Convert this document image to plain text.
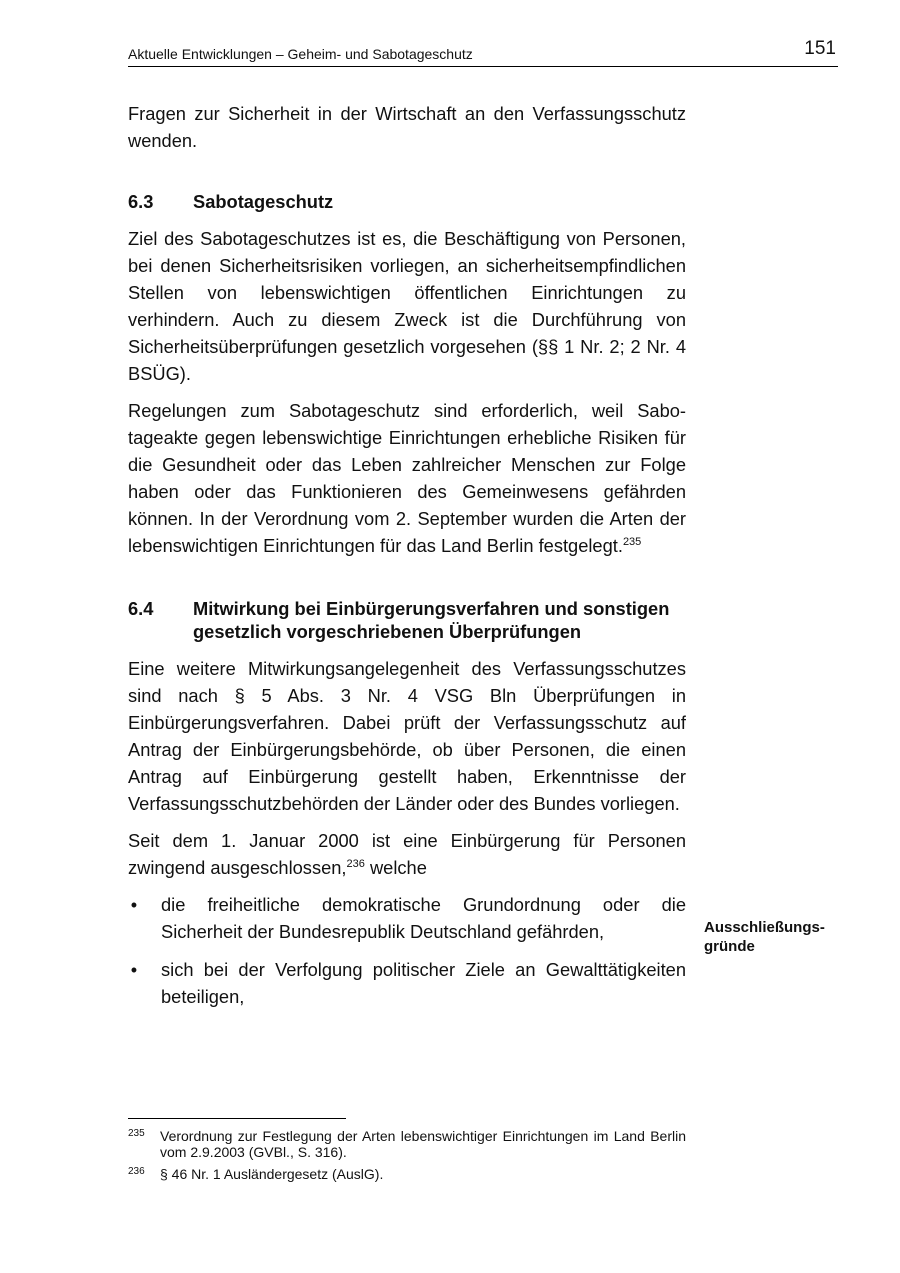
Aktuelle Entwicklungen – Geheim- und Sabotageschutz	151

Fragen zur Sicherheit in der Wirtschaft an den Verfassungsschutz wenden.

6.3	Sabotageschutz

Ziel des Sabotageschutzes ist es, die Beschäftigung von Personen, bei denen Sicherheitsrisiken vorliegen, an sicherheitsempfindlichen Stellen von lebenswichtigen öffentlichen Einrichtungen zu verhindern. Auch zu diesem Zweck ist die Durchführung von Sicherheitsüberprüfungen gesetzlich vorgesehen (§§ 1 Nr. 2; 2 Nr. 4 BSÜG).

Regelungen zum Sabotageschutz sind erforderlich, weil Sabotageakte gegen lebenswichtige Einrichtungen erhebliche Risiken für die Gesundheit oder das Leben zahlreicher Menschen zur Folge haben oder das Funktionieren des Gemeinwesens gefährden können. In der Verordnung vom 2. September wurden die Arten der lebenswichtigen Einrichtungen für das Land Berlin festgelegt.$^{235}$

6.4	Mitwirkung bei Einbürgerungsverfahren und sonstigen gesetzlich vorgeschriebenen Überprüfungen

Eine weitere Mitwirkungsangelegenheit des Verfassungsschutzes sind nach § 5 Abs. 3 Nr. 4 VSG Bln Überprüfungen in Einbürgerungsverfahren. Dabei prüft der Verfassungsschutz auf Antrag der Einbürgerungsbehörde, ob über Personen, die einen Antrag auf Einbürgerung gestellt haben, Erkenntnisse der Verfassungsschutzbehörden der Länder oder des Bundes vorliegen.

Seit dem 1. Januar 2000 ist eine Einbürgerung für Personen zwingend ausgeschlossen,$^{236}$ welche

• die freiheitliche demokratische Grundordnung oder die Sicherheit der Bundesrepublik Deutschland gefährden,
• sich bei der Verfolgung politischer Ziele an Gewalttätigkeiten beteiligen,
Ausschließungsgründe
235	Verordnung zur Festlegung der Arten lebenswichtiger Einrichtungen im Land Berlin vom 2.9.2003 (GVBl., S. 316).
236	§ 46 Nr. 1 Ausländergesetz (AuslG).
